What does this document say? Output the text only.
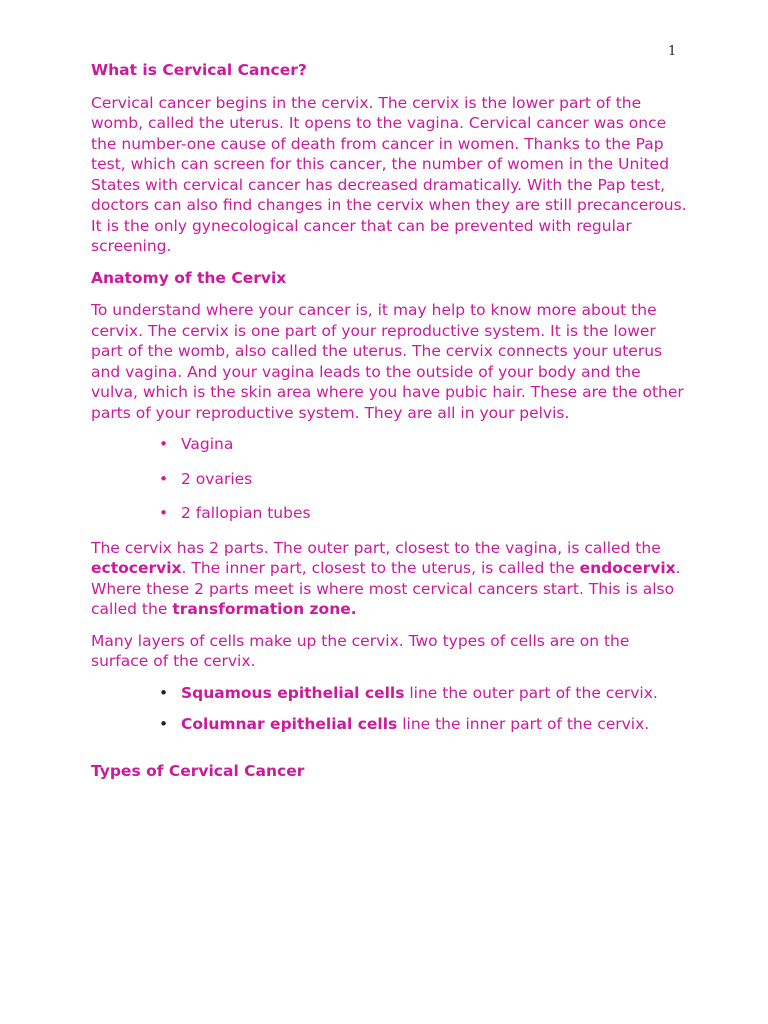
1
What is Cervical Cancer?

Cervical cancer begins in the cervix. The cervix is the lower part of the womb, called the uterus. It opens to the vagina. Cervical cancer was once the number-one cause of death from cancer in women. Thanks to the Pap test, which can screen for this cancer, the number of women in the United States with cervical cancer has decreased dramatically. With the Pap test, doctors can also find changes in the cervix when they are still precancerous. It is the only gynecological cancer that can be prevented with regular screening.

Anatomy of the Cervix

To understand where your cancer is, it may help to know more about the cervix. The cervix is one part of your reproductive system. It is the lower part of the womb, also called the uterus. The cervix connects your uterus and vagina. And your vagina leads to the outside of your body and the vulva, which is the skin area where you have pubic hair. These are the other parts of your reproductive system. They are all in your pelvis.

• Vagina
• 2 ovaries
• 2 fallopian tubes

The cervix has 2 parts. The outer part, closest to the vagina, is called the ectocervix. The inner part, closest to the uterus, is called the endocervix. Where these 2 parts meet is where most cervical cancers start. This is also called the transformation zone.

Many layers of cells make up the cervix. Two types of cells are on the surface of the cervix.

• Squamous epithelial cells line the outer part of the cervix.
• Columnar epithelial cells line the inner part of the cervix.
Types of Cervical Cancer
